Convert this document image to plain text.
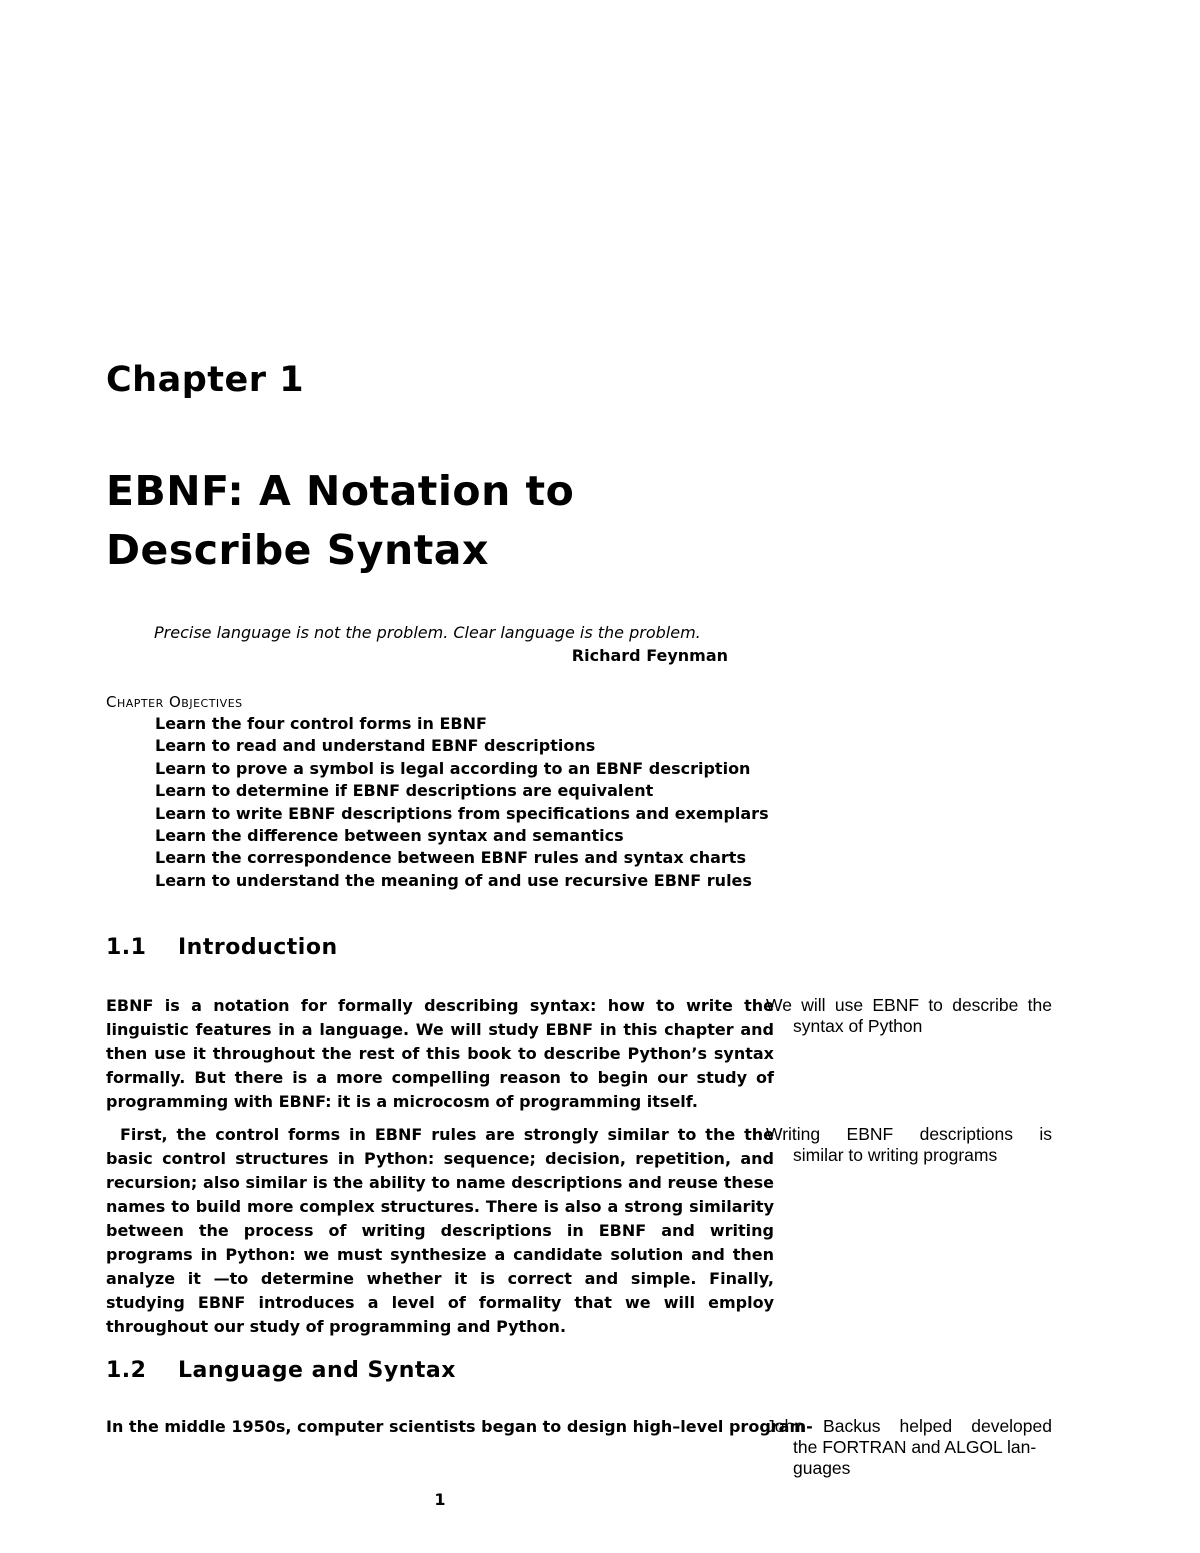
Chapter 1
EBNF: A Notation to
Describe Syntax
Precise language is not the problem. Clear language is the problem.
Richard Feynman
Chapter Objectives
Learn the four control forms in EBNF
Learn to read and understand EBNF descriptions
Learn to prove a symbol is legal according to an EBNF description
Learn to determine if EBNF descriptions are equivalent
Learn to write EBNF descriptions from specifications and exemplars
Learn the difference between syntax and semantics
Learn the correspondence between EBNF rules and syntax charts
Learn to understand the meaning of and use recursive EBNF rules
1.1 Introduction
EBNF is a notation for formally describing syntax: how to write the linguistic features in a language. We will study EBNF in this chapter and then use it throughout the rest of this book to describe Python’s syntax formally. But there is a more compelling reason to begin our study of programming with EBNF: it is a microcosm of programming itself.
We will use EBNF to describe the
syntax of Python
First, the control forms in EBNF rules are strongly similar to the the basic control structures in Python: sequence; decision, repetition, and recursion; also similar is the ability to name descriptions and reuse these names to build more complex structures. There is also a strong similarity between the process of writing descriptions in EBNF and writing programs in Python: we must synthesize a candidate solution and then analyze it —to determine whether it is correct and simple. Finally, studying EBNF introduces a level of formality that we will employ throughout our study of programming and Python.
Writing EBNF descriptions is
similar to writing programs
1.2 Language and Syntax
In the middle 1950s, computer scientists began to design high–level program-
John Backus helped developed
the FORTRAN and ALGOL lan-
guages
1
